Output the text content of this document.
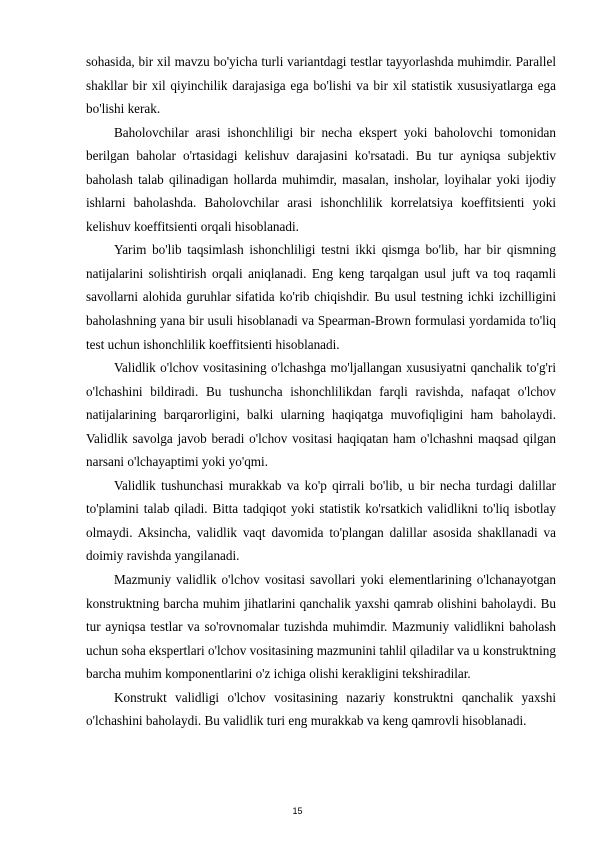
sohasida, bir xil mavzu bo'yicha turli variantdagi testlar tayyorlashda muhimdir. Parallel shakllar bir xil qiyinchilik darajasiga ega bo'lishi va bir xil statistik xususiyatlarga ega bo'lishi kerak.

Baholovchilar arasi ishonchliligi bir necha ekspert yoki baholovchi tomonidan berilgan baholar o'rtasidagi kelishuv darajasini ko'rsatadi. Bu tur ayniqsa subjektiv baholash talab qilinadigan hollarda muhimdir, masalan, insholar, loyihalar yoki ijodiy ishlarni baholashda. Baholovchilar arasi ishonchlilik korrelatsiya koeffitsienti yoki kelishuv koeffitsienti orqali hisoblanadi.

Yarim bo'lib taqsimlash ishonchliligi testni ikki qismga bo'lib, har bir qismning natijalarini solishtirish orqali aniqlanadi. Eng keng tarqalgan usul juft va toq raqamli savollarni alohida guruhlar sifatida ko'rib chiqishdir. Bu usul testning ichki izchilligini baholashning yana bir usuli hisoblanadi va Spearman-Brown formulasi yordamida to'liq test uchun ishonchlilik koeffitsienti hisoblanadi.

Validlik o'lchov vositasining o'lchashga mo'ljallangan xususiyatni qanchalik to'g'ri o'lchashini bildiradi. Bu tushuncha ishonchlilikdan farqli ravishda, nafaqat o'lchov natijalarining barqarorligini, balki ularning haqiqatga muvofiqligini ham baholaydi. Validlik savolga javob beradi o'lchov vositasi haqiqatan ham o'lchashni maqsad qilgan narsani o'lchayaptimi yoki yo'qmi.

Validlik tushunchasi murakkab va ko'p qirrali bo'lib, u bir necha turdagi dalillar to'plamini talab qiladi. Bitta tadqiqot yoki statistik ko'rsatkich validlikni to'liq isbotlay olmaydi. Aksincha, validlik vaqt davomida to'plangan dalillar asosida shakllanadi va doimiy ravishda yangilanadi.

Mazmuniy validlik o'lchov vositasi savollari yoki elementlarining o'lchanayotgan konstruktning barcha muhim jihatlarini qanchalik yaxshi qamrab olishini baholaydi. Bu tur ayniqsa testlar va so'rovnomalar tuzishda muhimdir. Mazmuniy validlikni baholash uchun soha ekspertlari o'lchov vositasining mazmunini tahlil qiladilar va u konstruktning barcha muhim komponentlarini o'z ichiga olishi kerakligini tekshiradilar.

Konstrukt validligi o'lchov vositasining nazariy konstruktni qanchalik yaxshi o'lchashini baholaydi. Bu validlik turi eng murakkab va keng qamrovli hisoblanadi.

15
